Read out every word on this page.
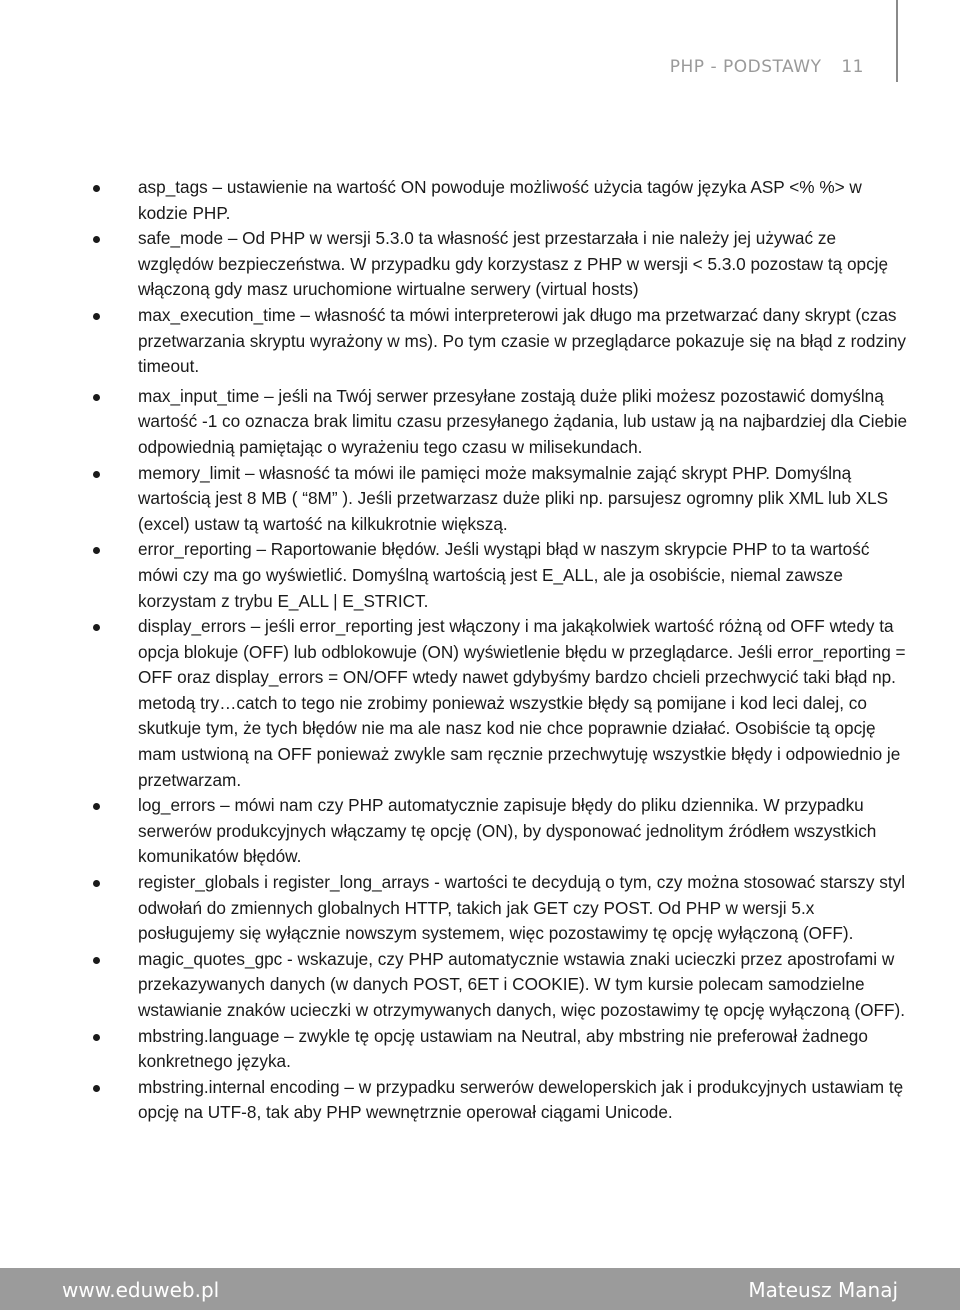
PHP - PODSTAWY 11
asp_tags – ustawienie na wartość ON powoduje możliwość użycia tagów języka ASP <% %> w kodzie PHP.
safe_mode – Od PHP w wersji 5.3.0 ta własność jest przestarzała i nie należy jej używać ze względów bezpieczeństwa. W przypadku gdy korzystasz z PHP w wersji < 5.3.0 pozostaw tą opcję włączoną gdy masz uruchomione wirtualne serwery (virtual hosts)
max_execution_time – własność ta mówi interpreterowi jak długo ma przetwarzać dany skrypt (czas przetwarzania skryptu wyrażony w ms). Po tym czasie w przeglądarce pokazuje się na błąd z rodziny timeout.
max_input_time – jeśli na Twój serwer przesyłane zostają duże pliki możesz pozostawić domyślną wartość -1 co oznacza brak limitu czasu przesyłanego żądania, lub ustaw ją na najbardziej dla Ciebie odpowiednią pamiętając o wyrażeniu tego czasu w milisekundach.
memory_limit – własność ta mówi ile pamięci może maksymalnie zająć skrypt PHP. Domyślną wartością jest 8 MB ( “8M” ). Jeśli przetwarzasz duże pliki np. parsujesz ogromny plik XML lub XLS (excel) ustaw tą wartość na kilkukrotnie większą.
error_reporting – Raportowanie błędów. Jeśli wystąpi błąd w naszym skrypcie PHP to ta wartość mówi czy ma go wyświetlić. Domyślną wartością jest E_ALL, ale ja osobiście, niemal zawsze korzystam z trybu E_ALL | E_STRICT.
display_errors – jeśli error_reporting jest włączony i ma jakąkolwiek wartość różną od OFF wtedy ta opcja blokuje (OFF) lub odblokowuje (ON) wyświetlenie błędu w przeglądarce. Jeśli error_reporting = OFF oraz display_errors = ON/OFF wtedy nawet gdybyśmy bardzo chcieli przechwycić taki błąd np. metodą try…catch to tego nie zrobimy ponieważ wszystkie błędy są pomijane i kod leci dalej, co skutkuje tym, że tych błędów nie ma ale nasz kod nie chce poprawnie działać. Osobiście tą opcję mam ustwioną na OFF ponieważ zwykle sam ręcznie przechwytuję wszystkie błędy i odpowiednio je przetwarzam.
log_errors – mówi nam czy PHP automatycznie zapisuje błędy do pliku dziennika. W przypadku serwerów produkcyjnych włączamy tę opcję (ON), by dysponować jednolitym źródłem wszystkich komunikatów błędów.
register_globals i register_long_arrays - wartości te decydują o tym, czy można stosować starszy styl odwołań do zmiennych globalnych HTTP, takich jak GET czy POST. Od PHP w wersji 5.x posługujemy się wyłącznie nowszym systemem, więc pozostawimy tę opcję wyłączoną (OFF).
magic_quotes_gpc - wskazuje, czy PHP automatycznie wstawia znaki ucieczki przez apostrofami w przekazywanych danych (w danych POST, 6ET i COOKIE). W tym kursie polecam samodzielne wstawianie znaków ucieczki w otrzymywanych danych, więc pozostawimy tę opcję wyłączoną (OFF).
mbstring.language – zwykle tę opcję ustawiam na Neutral, aby mbstring nie preferował żadnego konkretnego języka.
mbstring.internal encoding – w przypadku serwerów deweloperskich jak i produkcyjnych ustawiam tę opcję na UTF-8, tak aby PHP wewnętrznie operował ciągami Unicode.
www.eduweb.pl	Mateusz Manaj
